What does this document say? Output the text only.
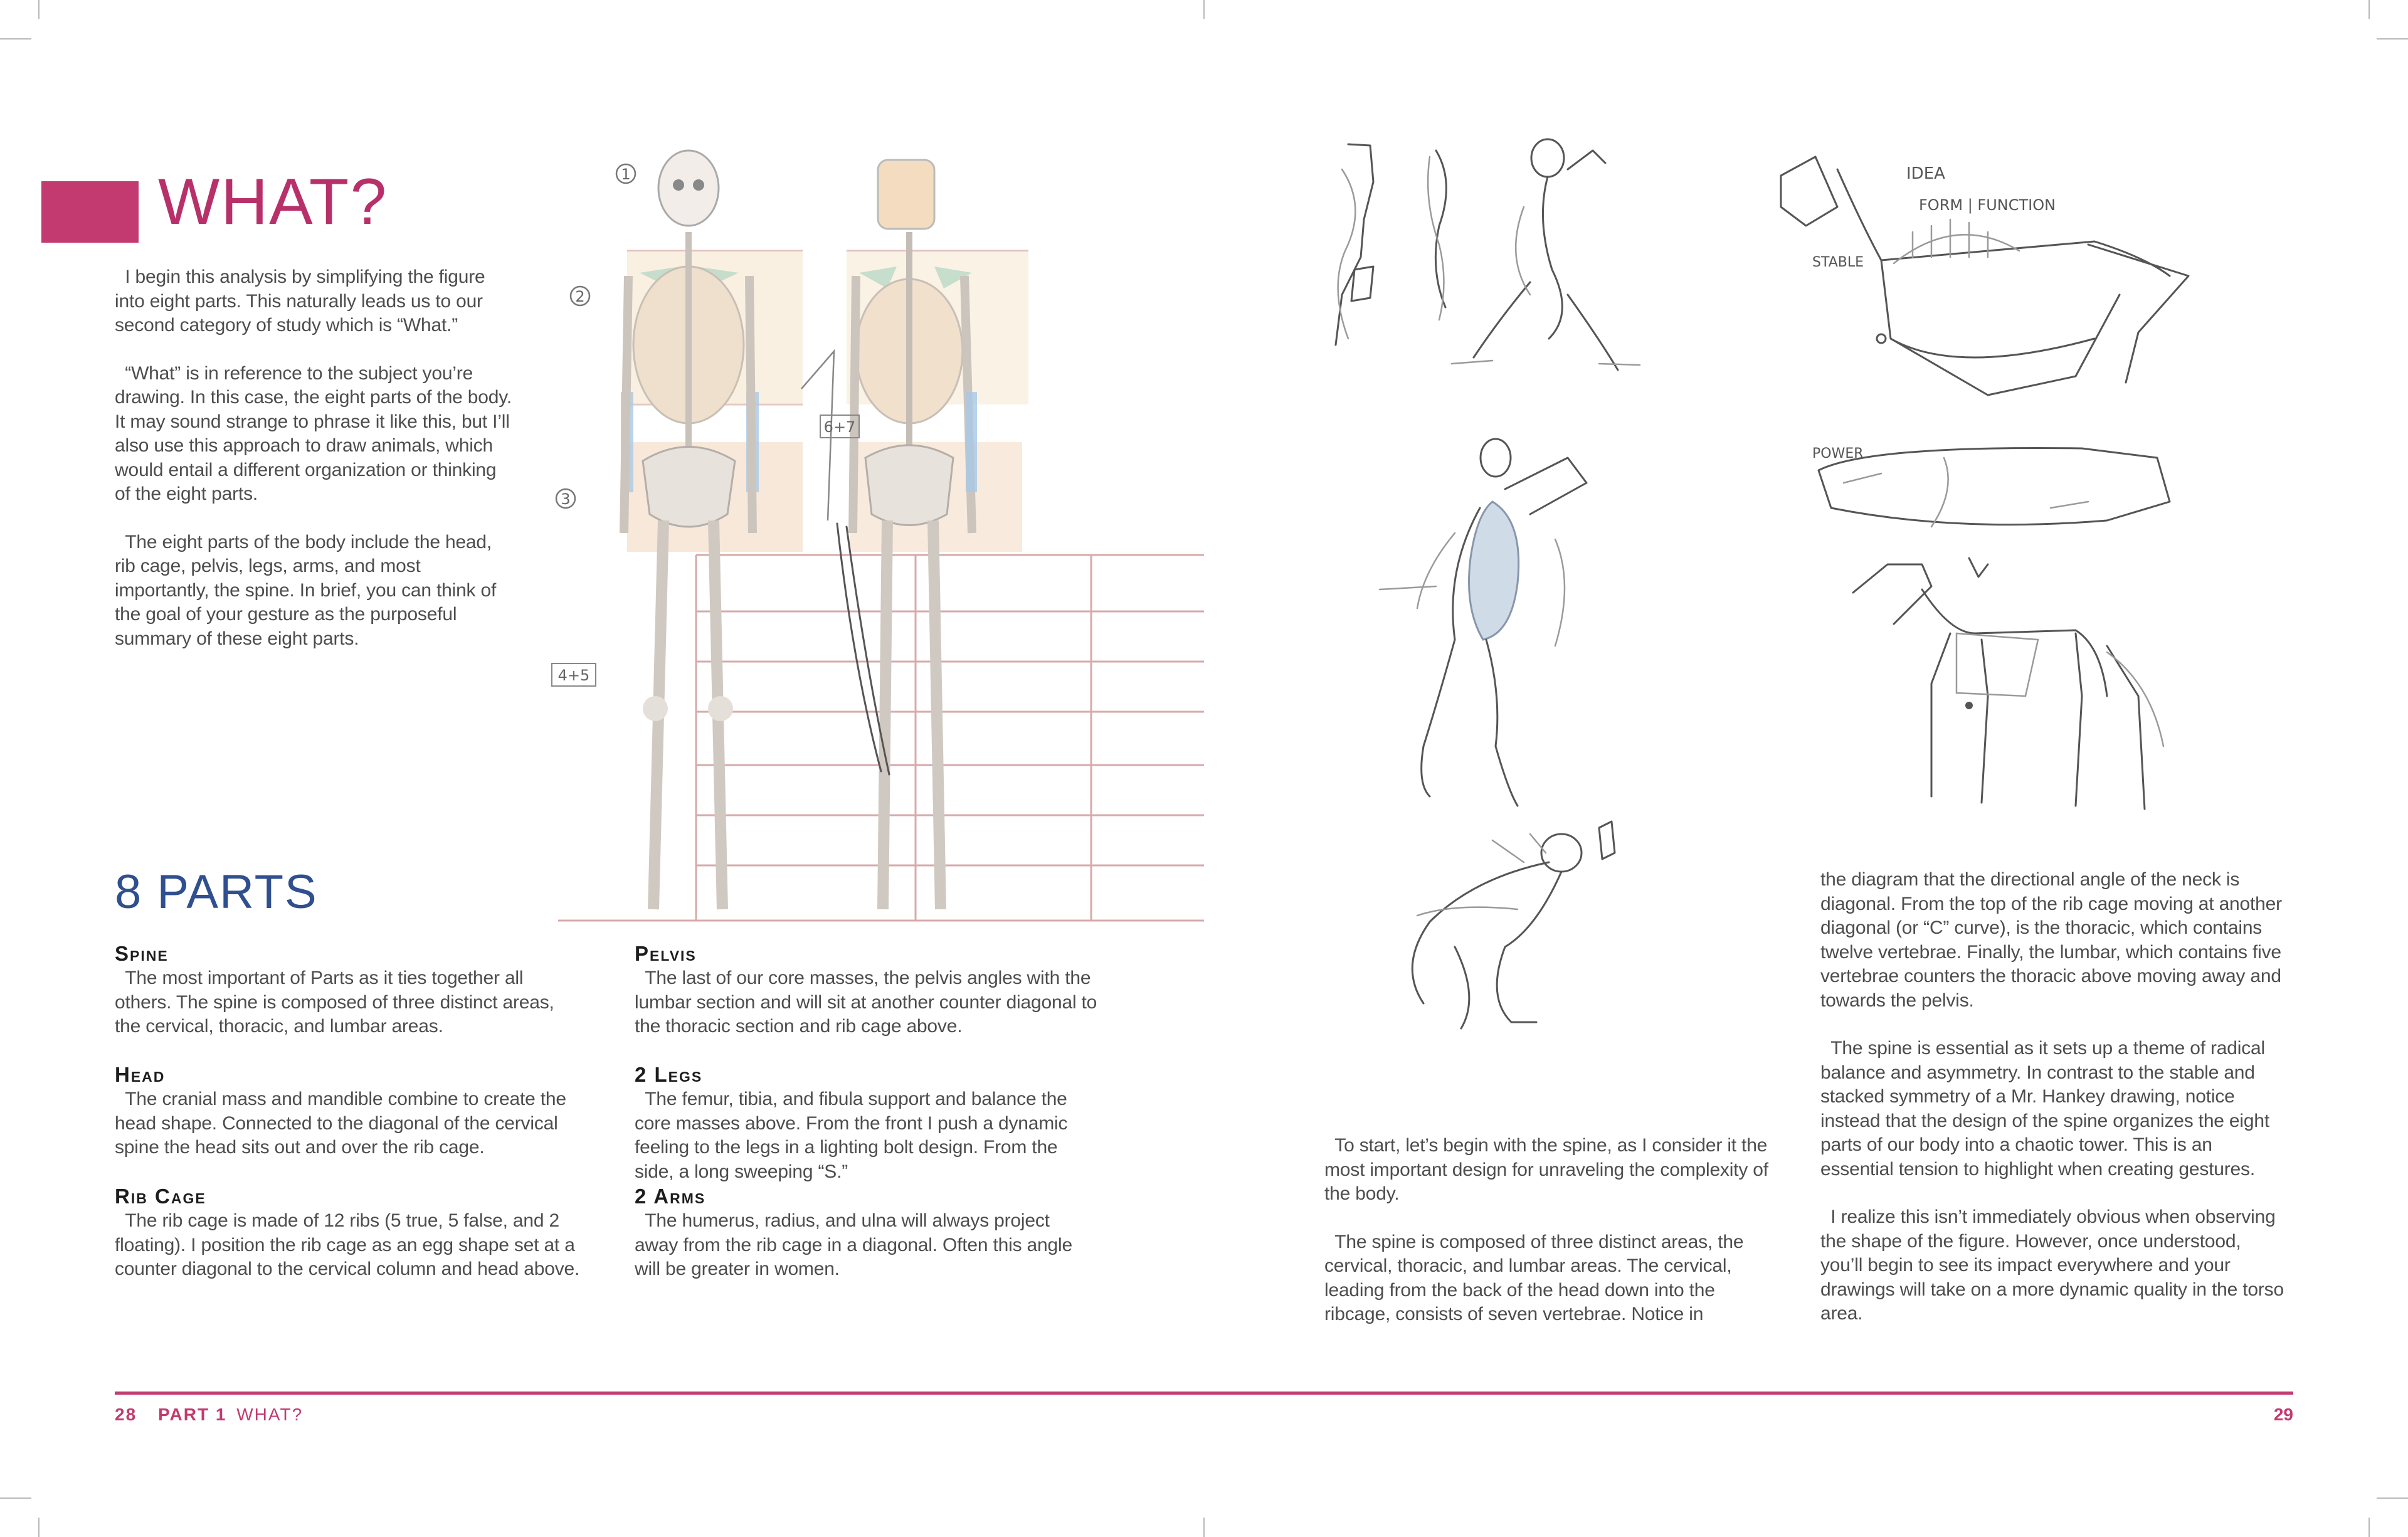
WHAT?

I begin this analysis by simplifying the figure into eight parts. This naturally leads us to our second category of study which is “What.”

“What” is in reference to the subject you’re drawing. In this case, the eight parts of the body. It may sound strange to phrase it like this, but I’ll also use this approach to draw animals, which would entail a different organization or thinking of the eight parts.

The eight parts of the body include the head, rib cage, pelvis, legs, arms, and most importantly, the spine. In brief, you can think of the goal of your gesture as the purposeful summary of these eight parts.

1
2
3
6+7
4+5
8 PARTS
Spine

The most important of Parts as it ties together all others. The spine is composed of three distinct areas, the cervical, thoracic, and lumbar areas.

Head

The cranial mass and mandible combine to create the head shape. Connected to the diagonal of the cervical spine the head sits out and over the rib cage.

Rib Cage

The rib cage is made of 12 ribs (5 true, 5 false, and 2 floating). I position the rib cage as an egg shape set at a counter diagonal to the cervical column and head above.

Pelvis

The last of our core masses, the pelvis angles with the lumbar section and will sit at another counter diagonal to the thoracic section and rib cage above.

2 Legs

The femur, tibia, and fibula support and balance the core masses above. From the front I push a dynamic feeling to the legs in a lighting bolt design. From the side, a long sweeping “S.”

2 Arms

The humerus, radius, and ulna will always project away from the rib cage in a diagonal. Often this angle will be greater in women.

IDEA
FORM | FUNCTION
STABLE
POWER

To start, let’s begin with the spine, as I consider it the most important design for unraveling the complexity of the body.

The spine is composed of three distinct areas, the cervical, thoracic, and lumbar areas. The cervical, leading from the back of the head down into the ribcage, consists of seven vertebrae. Notice in

the diagram that the directional angle of the neck is diagonal. From the top of the rib cage moving at another diagonal (or “C” curve), is the thoracic, which contains twelve vertebrae. Finally, the lumbar, which contains five vertebrae counters the thoracic above moving away and towards the pelvis.

The spine is essential as it sets up a theme of radical balance and asymmetry. In contrast to the stable and stacked symmetry of a Mr. Hankey drawing, notice instead that the design of the spine organizes the eight parts of our body into a chaotic tower. This is an essential tension to highlight when creating gestures.

I realize this isn’t immediately obvious when observing the shape of the figure. However, once understood, you’ll begin to see its impact everywhere and your drawings will take on a more dynamic quality in the torso area.

28 PART 1 WHAT?	29
